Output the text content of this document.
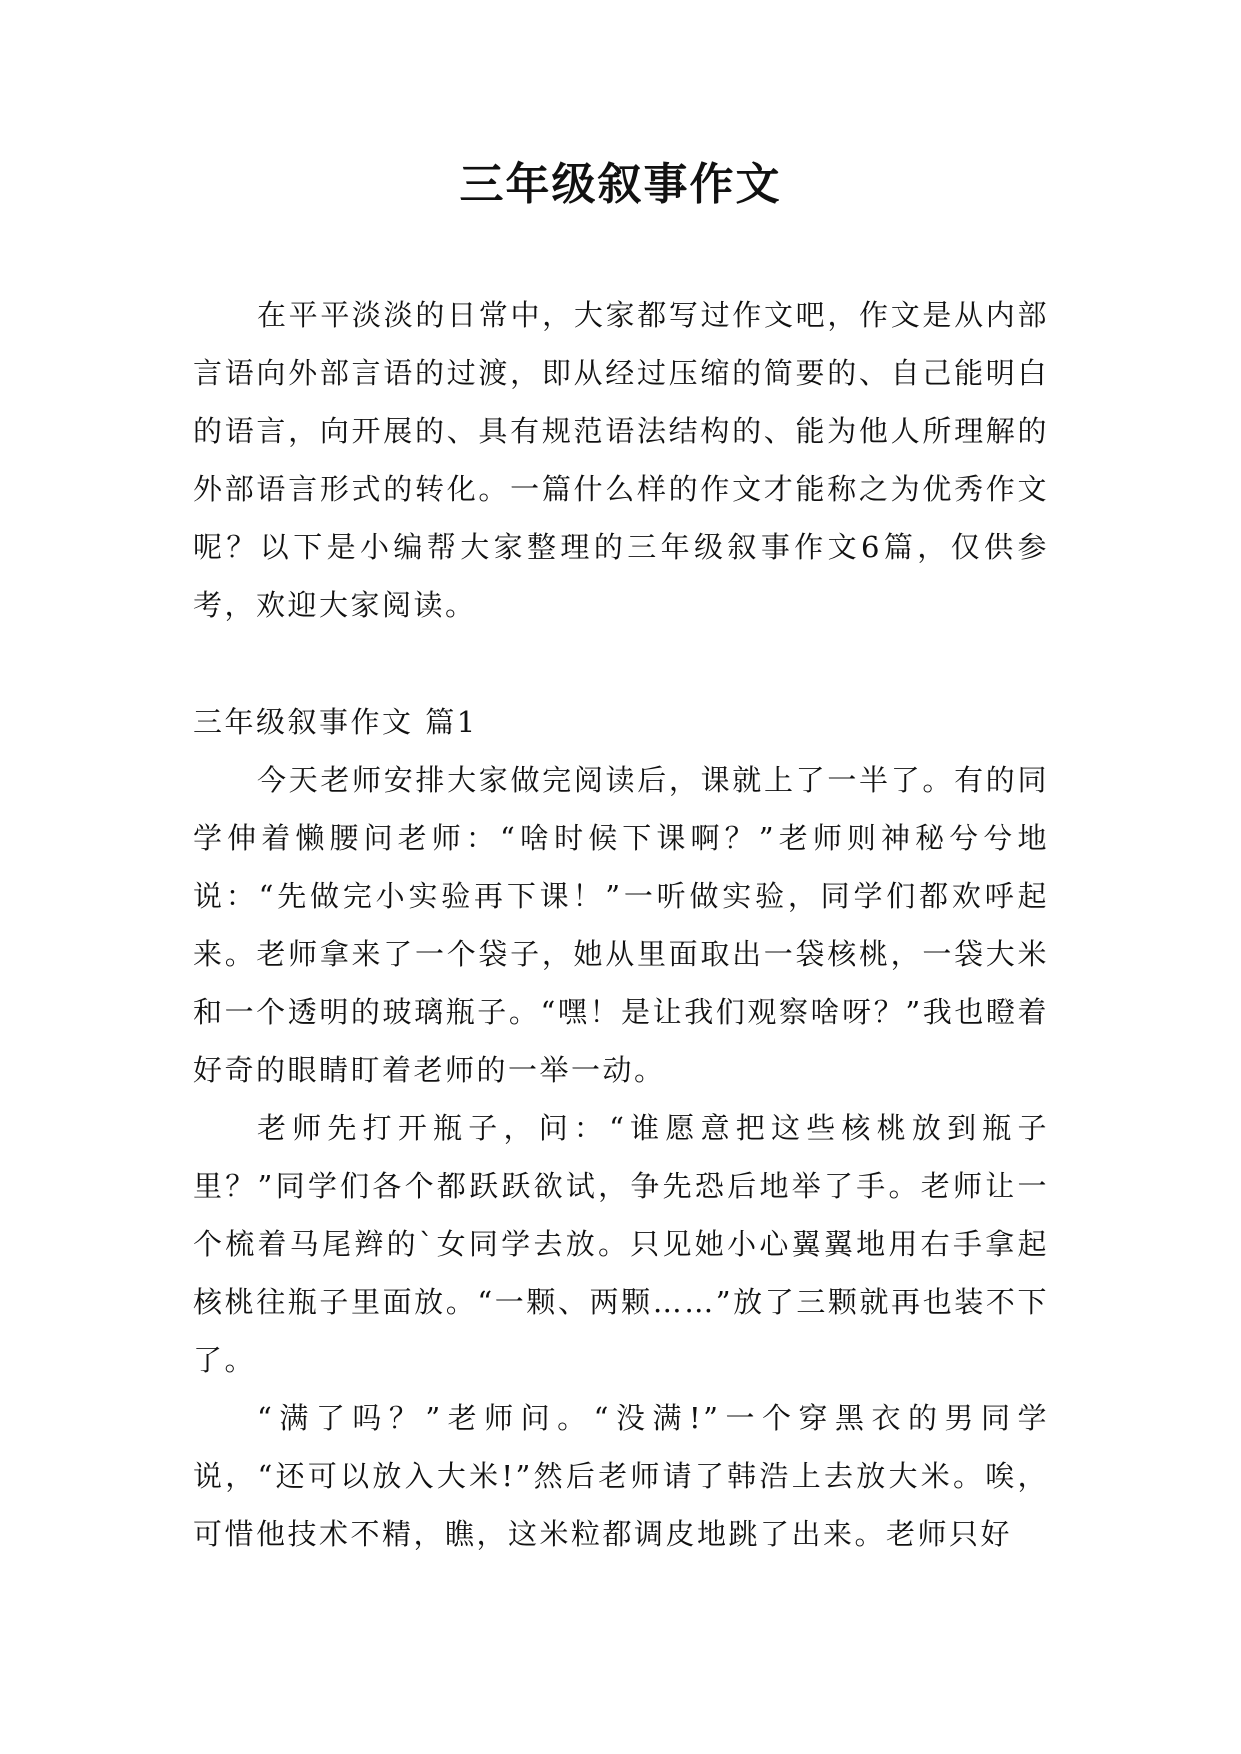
三年级叙事作文

在平平淡淡的日常中，大家都写过作文吧，作文是从内部言语向外部言语的过渡，即从经过压缩的简要的、自己能明白的语言，向开展的、具有规范语法结构的、能为他人所理解的外部语言形式的转化。一篇什么样的作文才能称之为优秀作文呢？以下是小编帮大家整理的三年级叙事作文6篇，仅供参考，欢迎大家阅读。

三年级叙事作文 篇1

今天老师安排大家做完阅读后，课就上了一半了。有的同学伸着懒腰问老师：“啥时候下课啊？”老师则神秘兮兮地说：“先做完小实验再下课！”一听做实验，同学们都欢呼起来。老师拿来了一个袋子，她从里面取出一袋核桃，一袋大米和一个透明的玻璃瓶子。“嘿！是让我们观察啥呀？”我也瞪着好奇的眼睛盯着老师的一举一动。

老师先打开瓶子，问：“谁愿意把这些核桃放到瓶子里？”同学们各个都跃跃欲试，争先恐后地举了手。老师让一个梳着马尾辫的`女同学去放。只见她小心翼翼地用右手拿起核桃往瓶子里面放。“一颗、两颗……”放了三颗就再也装不下了。

“满了吗？”老师问。“没满!”一个穿黑衣的男同学说，“还可以放入大米!”然后老师请了韩浩上去放大米。唉，可惜他技术不精，瞧，这米粒都调皮地跳了出来。老师只好
